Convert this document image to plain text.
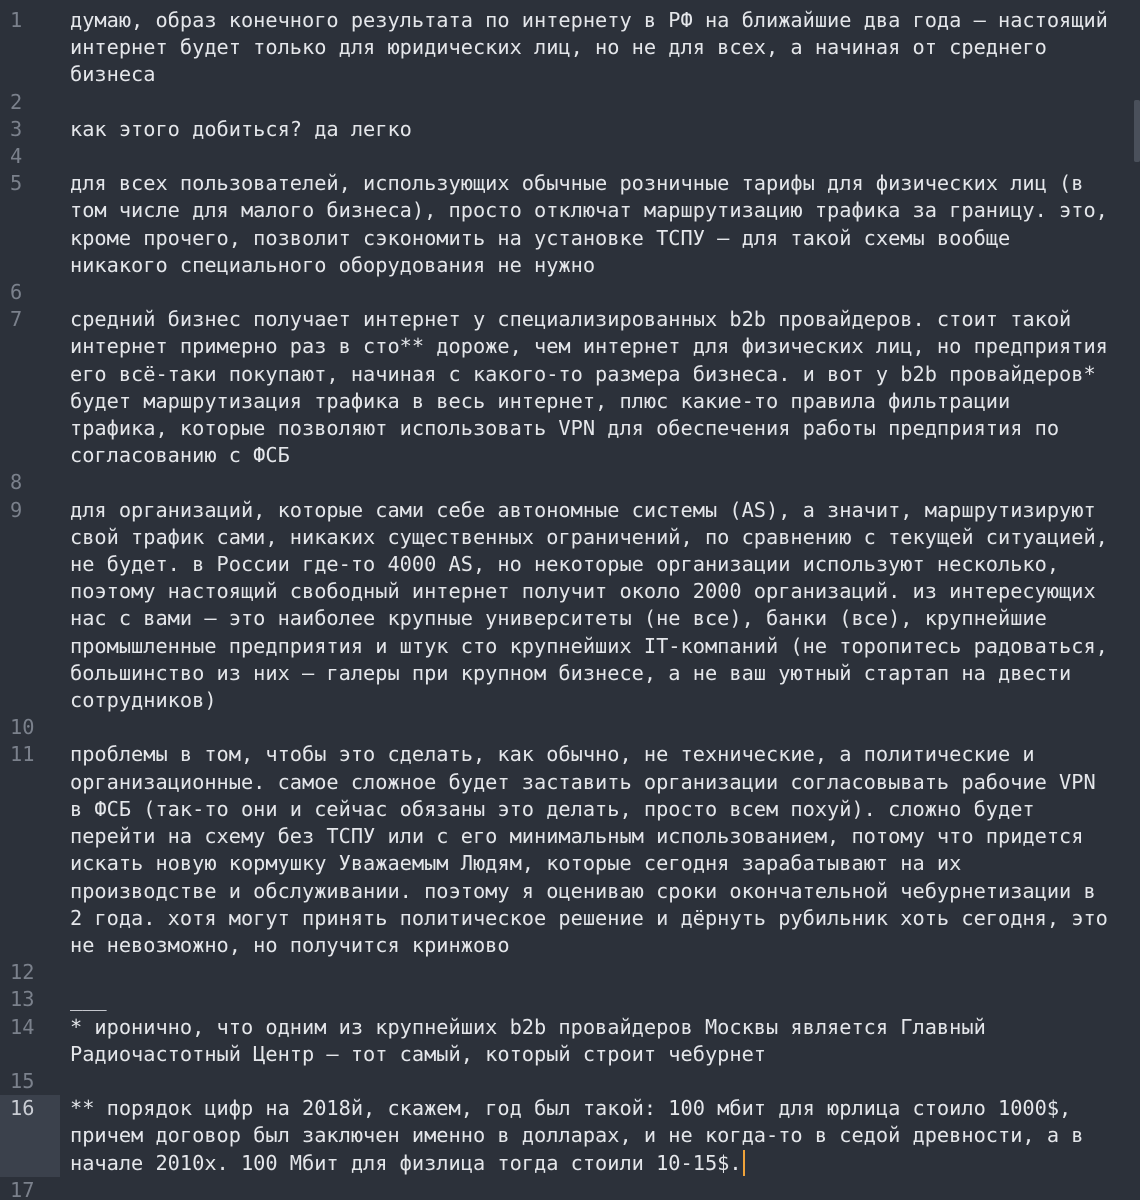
1	думаю, образ конечного результата по интернету в РФ на ближайшие два года — настоящий интернет будет только для юридических лиц, но не для всех, а начиная от среднего бизнеса
2

3	как этого добиться? да легко
4

5	для всех пользователей, использующих обычные розничные тарифы для физических лиц (в том числе для малого бизнеса), просто отключат маршрутизацию трафика за границу. это, кроме прочего, позволит сэкономить на установке ТСПУ — для такой схемы вообще никакого специального оборудования не нужно
6

7	средний бизнес получает интернет у специализированных b2b провайдеров. стоит такой интернет примерно раз в сто** дороже, чем интернет для физических лиц, но предприятия его всё-таки покупают, начиная с какого-то размера бизнеса. и вот у b2b провайдеров* будет маршрутизация трафика в весь интернет, плюс какие-то правила фильтрации трафика, которые позволяют использовать VPN для обеспечения работы предприятия по согласованию с ФСБ
8

9	для организаций, которые сами себе автономные системы (AS), а значит, маршрутизируют свой трафик сами, никаких существенных ограничений, по сравнению с текущей ситуацией, не будет. в России где-то 4000 AS, но некоторые организации используют несколько, поэтому настоящий свободный интернет получит около 2000 организаций. из интересующих нас с вами — это наиболее крупные университеты (не все), банки (все), крупнейшие промышленные предприятия и штук сто крупнейших IT-компаний (не торопитесь радоваться, большинство из них — галеры при крупном бизнесе, а не ваш уютный стартап на двести сотрудников)
10

11	проблемы в том, чтобы это сделать, как обычно, не технические, а политические и организационные. самое сложное будет заставить организации согласовывать рабочие VPN в ФСБ (так-то они и сейчас обязаны это делать, просто всем похуй). сложно будет перейти на схему без ТСПУ или с его минимальным использованием, потому что придется искать новую кормушку Уважаемым Людям, которые сегодня зарабатывают на их производстве и обслуживании. поэтому я оцениваю сроки окончательной чебурнетизации в 2 года. хотя могут принять политическое решение и дёрнуть рубильник хоть сегодня, это не невозможно, но получится кринжово
12

13	___
14	* иронично, что одним из крупнейших b2b провайдеров Москвы является Главный Радиочастотный Центр — тот самый, который строит чебурнет
15

16	** порядок цифр на 2018й, скажем, год был такой: 100 мбит для юрлица стоило 1000$, причем договор был заключен именно в долларах, и не когда-то в седой древности, а в начале 2010х. 100 Мбит для физлица тогда стоили 10-15$.
17
